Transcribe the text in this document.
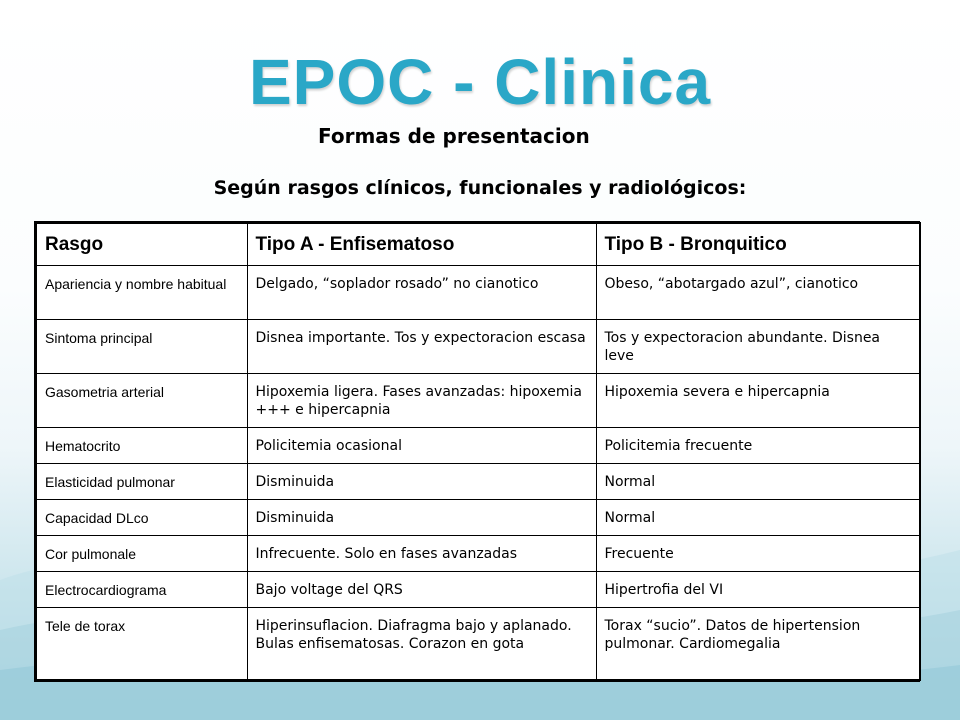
EPOC - Clinica
Formas de presentacion
Según rasgos clínicos, funcionales y radiológicos:
Rasgo	Tipo A - Enfisematoso	Tipo B - Bronquitico
Apariencia y nombre habitual	Delgado, “soplador rosado” no cianotico	Obeso, “abotargado azul”, cianotico
Sintoma principal	Disnea importante. Tos y expectoracion escasa	Tos y expectoracion abundante. Disnea leve
Gasometria arterial	Hipoxemia ligera. Fases avanzadas: hipoxemia +++ e hipercapnia	Hipoxemia severa e hipercapnia
Hematocrito	Policitemia ocasional	Policitemia frecuente
Elasticidad pulmonar	Disminuida	Normal
Capacidad DLco	Disminuida	Normal
Cor pulmonale	Infrecuente. Solo en fases avanzadas	Frecuente
Electrocardiograma	Bajo voltage del QRS	Hipertrofia del VI
Tele de torax	Hiperinsuflacion. Diafragma bajo y aplanado. Bulas enfisematosas. Corazon en gota	Torax “sucio”. Datos de hipertension pulmonar. Cardiomegalia
